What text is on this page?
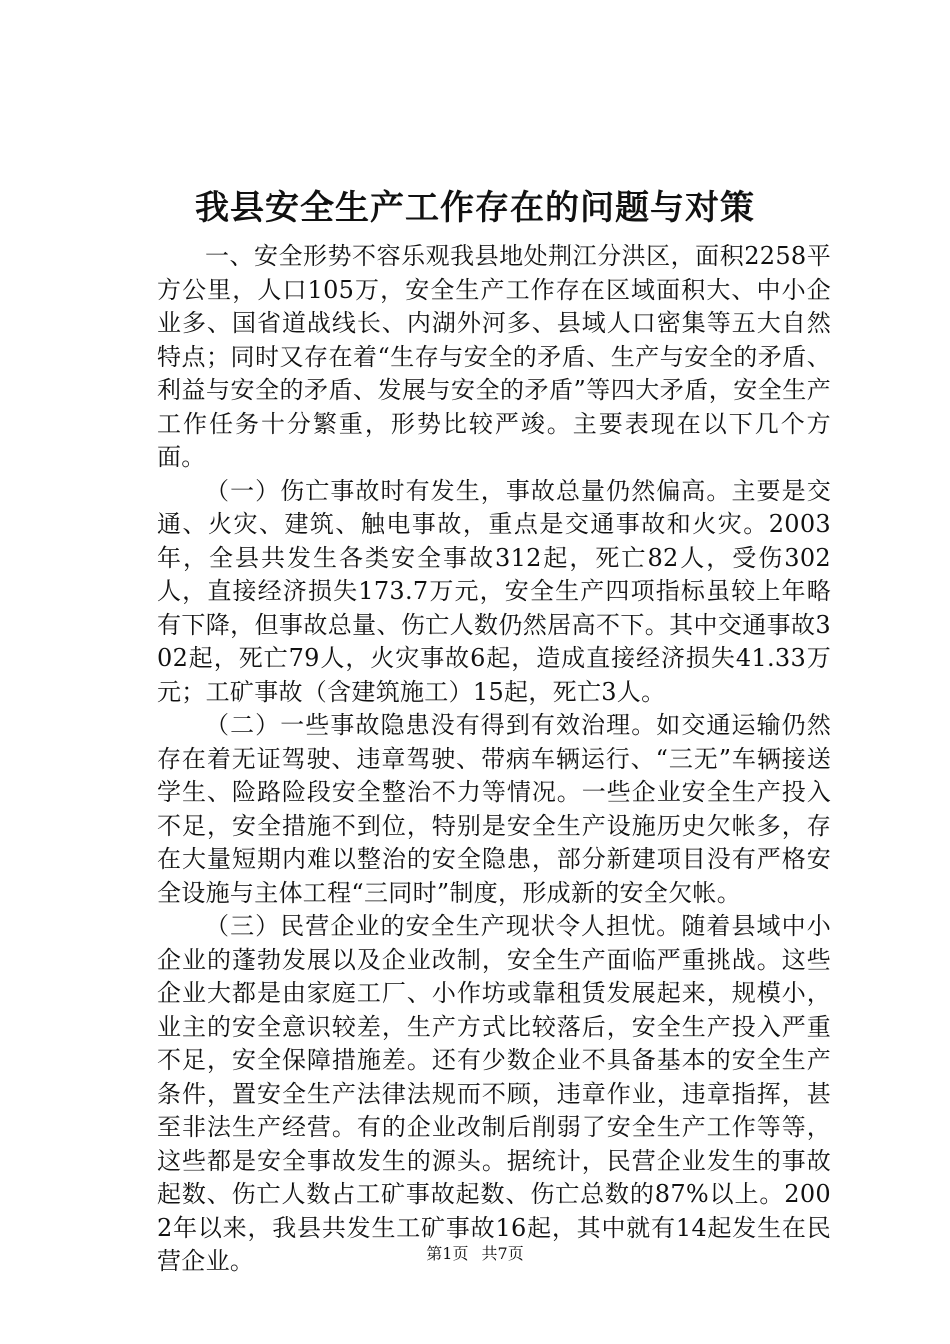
我县安全生产工作存在的问题与对策

一、安全形势不容乐观我县地处荆江分洪区，面积2258平方公里，人口105万，安全生产工作存在区域面积大、中小企业多、国省道战线长、内湖外河多、县域人口密集等五大自然特点；同时又存在着“生存与安全的矛盾、生产与安全的矛盾、利益与安全的矛盾、发展与安全的矛盾”等四大矛盾，安全生产工作任务十分繁重，形势比较严竣。主要表现在以下几个方面。

（一）伤亡事故时有发生，事故总量仍然偏高。主要是交通、火灾、建筑、触电事故，重点是交通事故和火灾。2003年，全县共发生各类安全事故312起，死亡82人，受伤302人，直接经济损失173.7万元，安全生产四项指标虽较上年略有下降，但事故总量、伤亡人数仍然居高不下。其中交通事故302起，死亡79人，火灾事故6起，造成直接经济损失41.33万元；工矿事故（含建筑施工）15起，死亡3人。

（二）一些事故隐患没有得到有效治理。如交通运输仍然存在着无证驾驶、违章驾驶、带病车辆运行、“三无”车辆接送学生、险路险段安全整治不力等情况。一些企业安全生产投入不足，安全措施不到位，特别是安全生产设施历史欠帐多，存在大量短期内难以整治的安全隐患，部分新建项目没有严格安全设施与主体工程“三同时”制度，形成新的安全欠帐。

（三）民营企业的安全生产现状令人担忧。随着县域中小企业的蓬勃发展以及企业改制，安全生产面临严重挑战。这些企业大都是由家庭工厂、小作坊或靠租赁发展起来，规模小，业主的安全意识较差，生产方式比较落后，安全生产投入严重不足，安全保障措施差。还有少数企业不具备基本的安全生产条件，置安全生产法律法规而不顾，违章作业，违章指挥，甚至非法生产经营。有的企业改制后削弱了安全生产工作等等，这些都是安全事故发生的源头。据统计，民营企业发生的事故起数、伤亡人数占工矿事故起数、伤亡总数的87%以上。2002年以来，我县共发生工矿事故16起，其中就有14起发生在民营企业。	第1页 共7页
